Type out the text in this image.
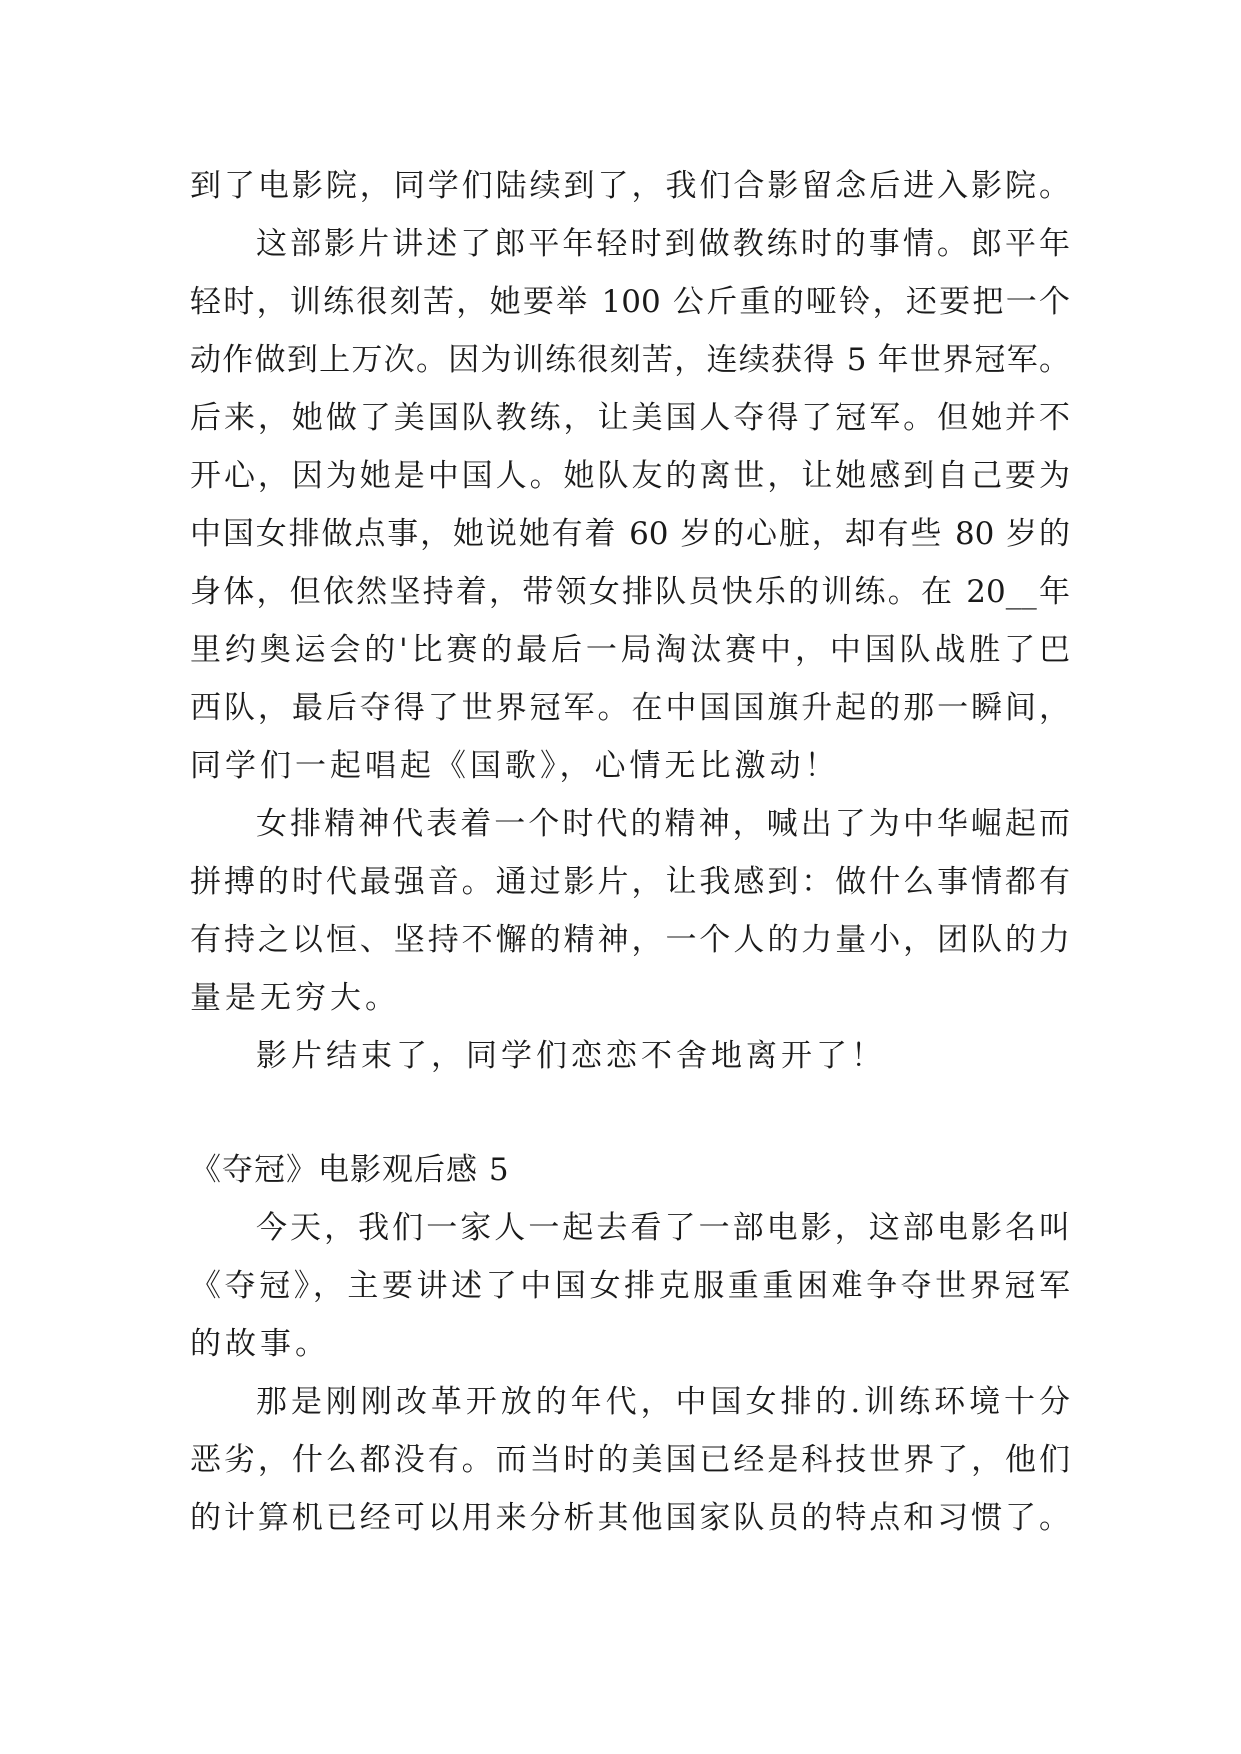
到了电影院，同学们陆续到了，我们合影留念后进入影院。
这部影片讲述了郎平年轻时到做教练时的事情。郎平年
轻时，训练很刻苦，她要举 100 公斤重的哑铃，还要把一个
动作做到上万次。因为训练很刻苦，连续获得 5 年世界冠军。
后来，她做了美国队教练，让美国人夺得了冠军。但她并不
开心，因为她是中国人。她队友的离世，让她感到自己要为
中国女排做点事，她说她有着 60 岁的心脏，却有些 80 岁的
身体，但依然坚持着，带领女排队员快乐的训练。在 20__年
里约奥运会的'比赛的最后一局淘汰赛中，中国队战胜了巴
西队，最后夺得了世界冠军。在中国国旗升起的那一瞬间，
同学们一起唱起《国歌》，心情无比激动！
女排精神代表着一个时代的精神，喊出了为中华崛起而
拼搏的时代最强音。通过影片，让我感到：做什么事情都有
有持之以恒、坚持不懈的精神，一个人的力量小，团队的力
量是无穷大。
影片结束了，同学们恋恋不舍地离开了！
《夺冠》电影观后感 5
今天，我们一家人一起去看了一部电影，这部电影名叫
《夺冠》，主要讲述了中国女排克服重重困难争夺世界冠军
的故事。
那是刚刚改革开放的年代，中国女排的.训练环境十分
恶劣，什么都没有。而当时的美国已经是科技世界了，他们
的计算机已经可以用来分析其他国家队员的特点和习惯了。
